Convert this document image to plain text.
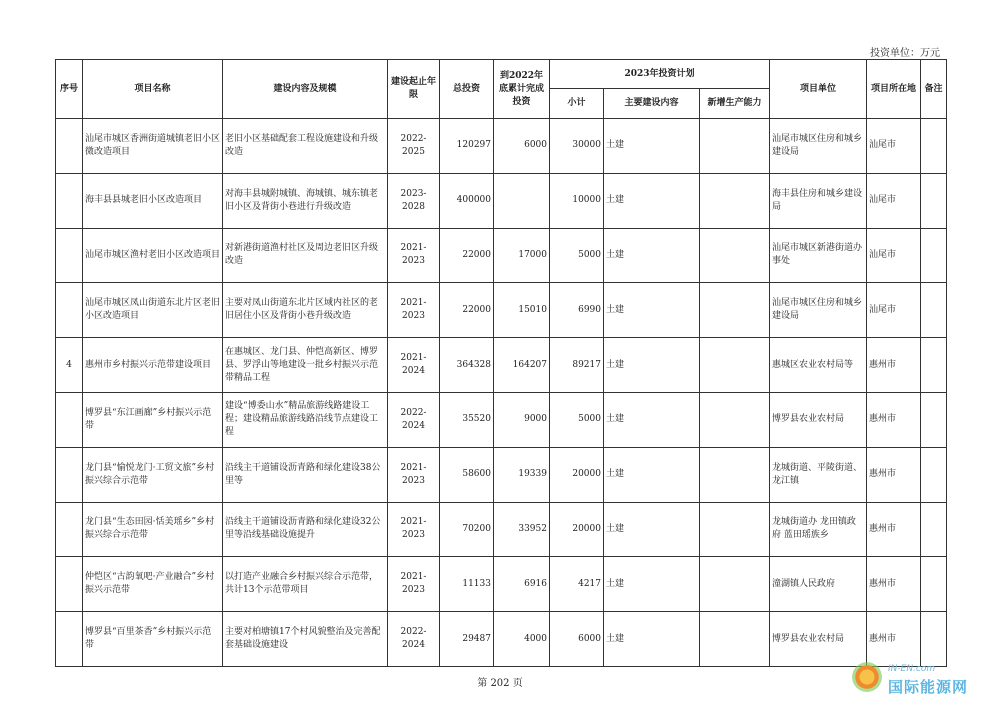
投资单位：万元
序号	项目名称	建设内容及规模	建设起止年限	总投资	到2022年底累计完成投资	2023年投资计划			项目单位	项目所在地	备注
						小计	主要建设内容	新增生产能力			
	汕尾市城区香洲街道城镇老旧小区微改造项目	老旧小区基础配套工程设施建设和升级改造	2022-2025	120297	6000	30000	土建		汕尾市城区住房和城乡建设局	汕尾市	
	海丰县县城老旧小区改造项目	对海丰县城附城镇、海城镇、城东镇老旧小区及背街小巷进行升级改造	2023-2028	400000		10000	土建		海丰县住房和城乡建设局	汕尾市	
	汕尾市城区渔村老旧小区改造项目	对新港街道渔村社区及周边老旧区升级改造	2021-2023	22000	17000	5000	土建		汕尾市城区新港街道办事处	汕尾市	
	汕尾市城区凤山街道东北片区老旧小区改造项目	主要对凤山街道东北片区域内社区的老旧居住小区及背街小巷升级改造	2021-2023	22000	15010	6990	土建		汕尾市城区住房和城乡建设局	汕尾市	
4	惠州市乡村振兴示范带建设项目	在惠城区、龙门县、仲恺高新区、博罗县、罗浮山等地建设一批乡村振兴示范带精品工程	2021-2024	364328	164207	89217	土建		惠城区农业农村局等	惠州市	
	博罗县“东江画廊”乡村振兴示范带	建设“博委山水”精品旅游线路建设工程；建设精品旅游线路沿线节点建设工程	2022-2024	35520	9000	5000	土建		博罗县农业农村局	惠州市	
	龙门县“愉悦龙门·工贸文旅”乡村振兴综合示范带	沿线主干道铺设沥青路和绿化建设38公里等	2021-2023	58600	19339	20000	土建		龙城街道、平陵街道、龙江镇	惠州市	
	龙门县“生态田园·恬美瑶乡”乡村振兴综合示范带	沿线主干道铺设沥青路和绿化建设32公里等沿线基础设施提升	2021-2023	70200	33952	20000	土建		龙城街道办 龙田镇政府 蓝田瑶族乡	惠州市	
	仲恺区“古韵氧吧·产业融合”乡村振兴示范带	以打造产业融合乡村振兴综合示范带，共计13个示范带项目	2021-2023	11133	6916	4217	土建		潼湖镇人民政府	惠州市	
	博罗县“百里茶香”乡村振兴示范带	主要对柏塘镇17个村风貌整治及完善配套基础设施建设	2022-2024	29487	4000	6000	土建		博罗县农业农村局	惠州市	
第 202 页
IN-EN.com
国际能源网
